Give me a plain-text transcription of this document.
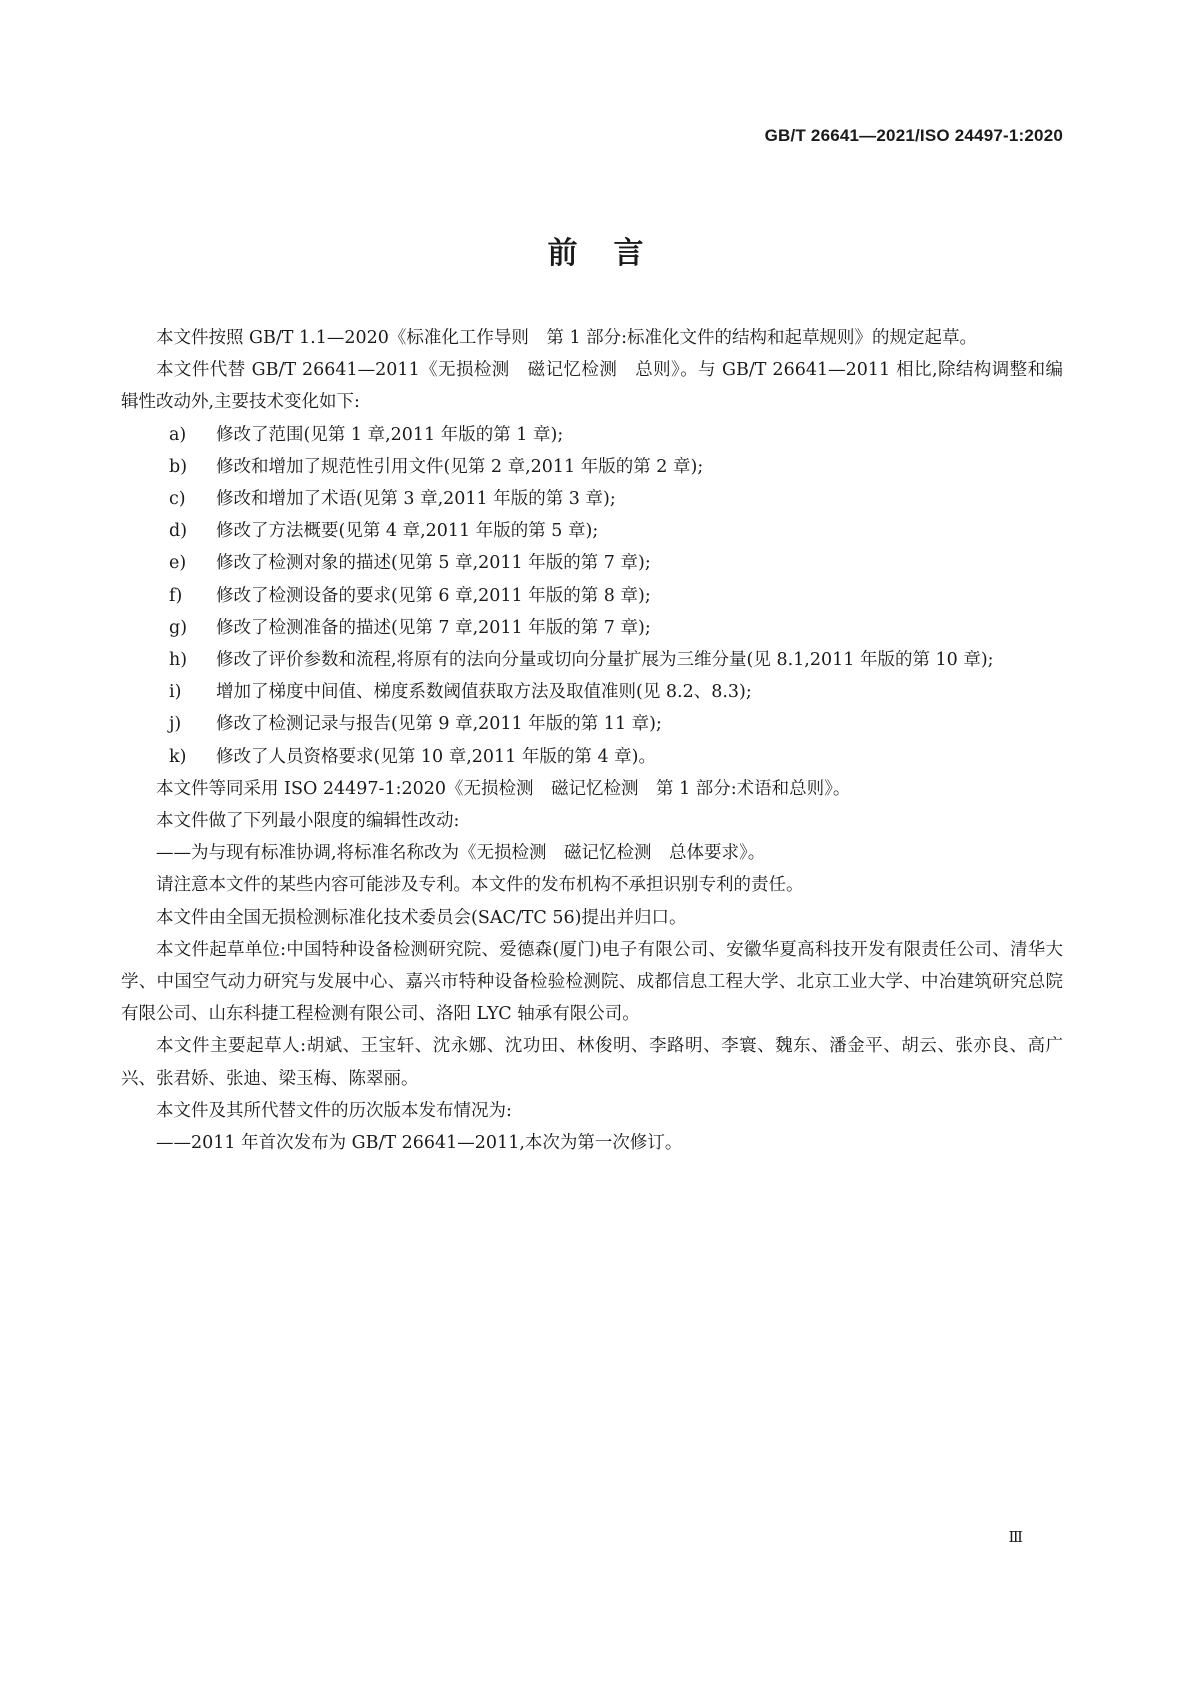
GB/T 26641—2021/ISO 24497-1:2020
前言

本文件按照 GB/T 1.1—2020《标准化工作导则　第 1 部分:标准化文件的结构和起草规则》的规定起草。

本文件代替 GB/T 26641—2011《无损检测　磁记忆检测　总则》。与 GB/T 26641—2011 相比,除结构调整和编辑性改动外,主要技术变化如下:

a) 修改了范围(见第 1 章,2011 年版的第 1 章);

b) 修改和增加了规范性引用文件(见第 2 章,2011 年版的第 2 章);

c) 修改和增加了术语(见第 3 章,2011 年版的第 3 章);

d) 修改了方法概要(见第 4 章,2011 年版的第 5 章);

e) 修改了检测对象的描述(见第 5 章,2011 年版的第 7 章);

f) 修改了检测设备的要求(见第 6 章,2011 年版的第 8 章);

g) 修改了检测准备的描述(见第 7 章,2011 年版的第 7 章);

h) 修改了评价参数和流程,将原有的法向分量或切向分量扩展为三维分量(见 8.1,2011 年版的第 10 章);

i) 增加了梯度中间值、梯度系数阈值获取方法及取值准则(见 8.2、8.3);

j) 修改了检测记录与报告(见第 9 章,2011 年版的第 11 章);

k) 修改了人员资格要求(见第 10 章,2011 年版的第 4 章)。

本文件等同采用 ISO 24497-1:2020《无损检测　磁记忆检测　第 1 部分:术语和总则》。

本文件做了下列最小限度的编辑性改动:

——为与现有标准协调,将标准名称改为《无损检测　磁记忆检测　总体要求》。

请注意本文件的某些内容可能涉及专利。本文件的发布机构不承担识别专利的责任。

本文件由全国无损检测标准化技术委员会(SAC/TC 56)提出并归口。

本文件起草单位:中国特种设备检测研究院、爱德森(厦门)电子有限公司、安徽华夏高科技开发有限责任公司、清华大学、中国空气动力研究与发展中心、嘉兴市特种设备检验检测院、成都信息工程大学、北京工业大学、中冶建筑研究总院有限公司、山东科捷工程检测有限公司、洛阳 LYC 轴承有限公司。

本文件主要起草人:胡斌、王宝轩、沈永娜、沈功田、林俊明、李路明、李寰、魏东、潘金平、胡云、张亦良、高广兴、张君娇、张迪、梁玉梅、陈翠丽。

本文件及其所代替文件的历次版本发布情况为:

——2011 年首次发布为 GB/T 26641—2011,本次为第一次修订。

Ⅲ
